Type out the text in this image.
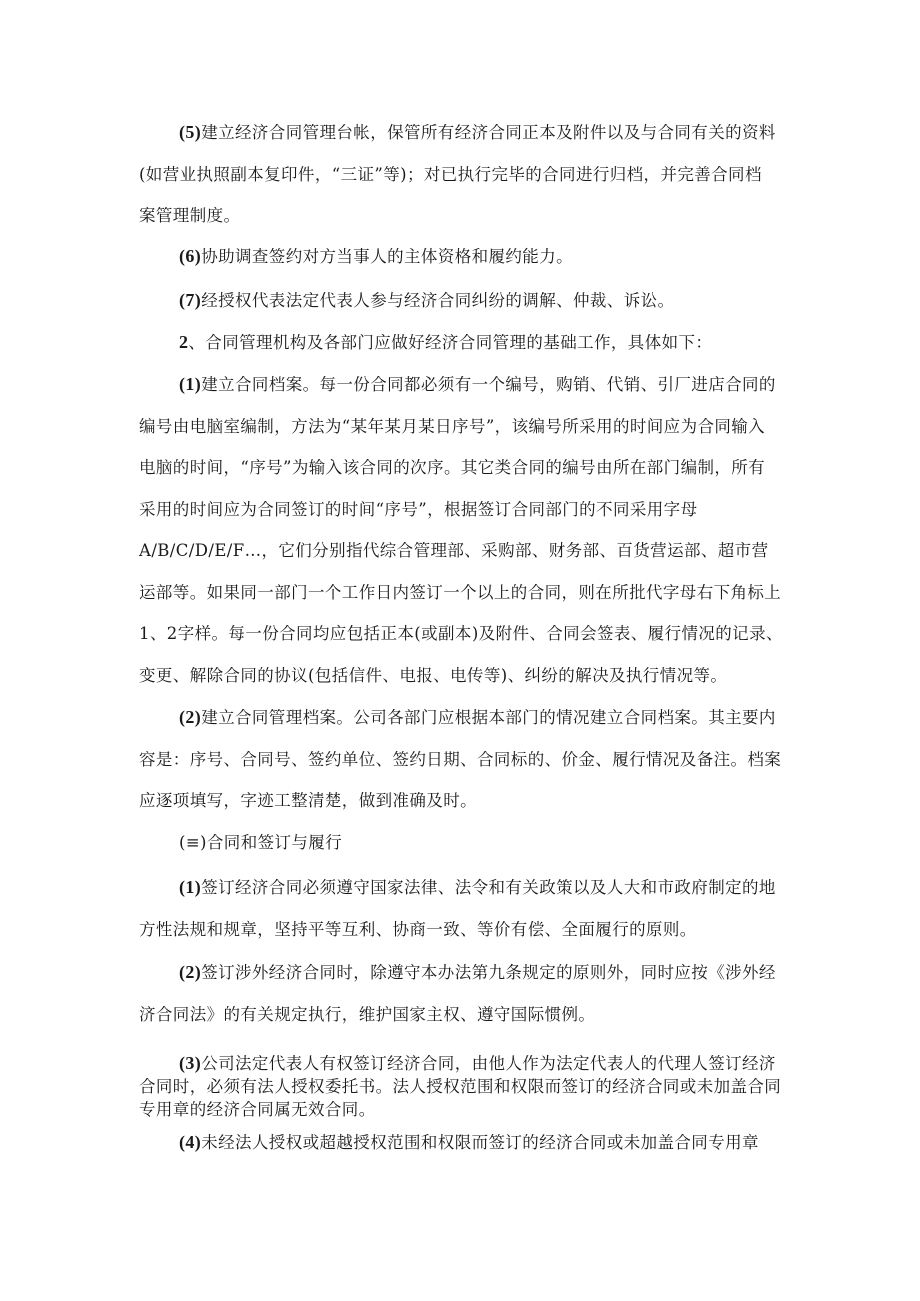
(5)建立经济合同管理台帐，保管所有经济合同正本及附件以及与合同有关的资料
(如营业执照副本复印件，“三证”等)；对已执行完毕的合同进行归档，并完善合同档
案管理制度。

(6)协助调查签约对方当事人的主体资格和履约能力。

(7)经授权代表法定代表人参与经济合同纠纷的调解、仲裁、诉讼。

2、合同管理机构及各部门应做好经济合同管理的基础工作，具体如下：

(1)建立合同档案。每一份合同都必须有一个编号，购销、代销、引厂进店合同的
编号由电脑室编制，方法为“某年某月某日序号”，该编号所采用的时间应为合同输入
电脑的时间，“序号”为输入该合同的次序。其它类合同的编号由所在部门编制，所有
采用的时间应为合同签订的时间“序号”，根据签订合同部门的不同采用字母
A/B/C/D/E/F…，它们分别指代综合管理部、采购部、财务部、百货营运部、超市营
运部等。如果同一部门一个工作日内签订一个以上的合同，则在所批代字母右下角标上
1、2字样。每一份合同均应包括正本(或副本)及附件、合同会签表、履行情况的记录、
变更、解除合同的协议(包括信件、电报、电传等)、纠纷的解决及执行情况等。

(2)建立合同管理档案。公司各部门应根据本部门的情况建立合同档案。其主要内
容是：序号、合同号、签约单位、签约日期、合同标的、价金、履行情况及备注。档案
应逐项填写，字迹工整清楚，做到准确及时。

(≡)合同和签订与履行

(1)签订经济合同必须遵守国家法律、法令和有关政策以及人大和市政府制定的地
方性法规和规章，坚持平等互利、协商一致、等价有偿、全面履行的原则。

(2)签订涉外经济合同时，除遵守本办法第九条规定的原则外，同时应按《涉外经
济合同法》的有关规定执行，维护国家主权、遵守国际惯例。

(3)公司法定代表人有权签订经济合同，由他人作为法定代表人的代理人签订经济
合同时，必须有法人授权委托书。法人授权范围和权限而签订的经济合同或未加盖合同
专用章的经济合同属无效合同。

(4)未经法人授权或超越授权范围和权限而签订的经济合同或未加盖合同专用章
